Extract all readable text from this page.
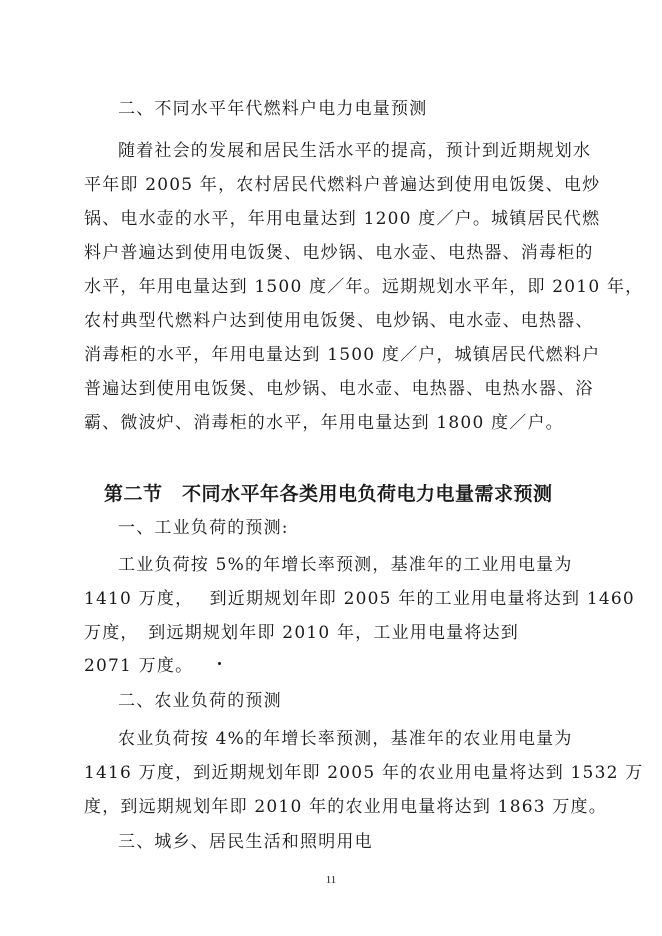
二、不同水平年代燃料户电力电量预测
随着社会的发展和居民生活水平的提高，预计到近期规划水
平年即 2005 年，农村居民代燃料户普遍达到使用电饭煲、电炒
锅、电水壶的水平，年用电量达到 1200 度／户。城镇居民代燃
料户普遍达到使用电饭煲、电炒锅、电水壶、电热器、消毒柜的
水平，年用电量达到 1500 度／年。远期规划水平年，即 2010 年，
农村典型代燃料户达到使用电饭煲、电炒锅、电水壶、电热器、
消毒柜的水平，年用电量达到 1500 度／户，城镇居民代燃料户
普遍达到使用电饭煲、电炒锅、电水壶、电热器、电热水器、浴
霸、微波炉、消毒柜的水平，年用电量达到 1800 度／户。
第二节　不同水平年各类用电负荷电力电量需求预测
一、工业负荷的预测:
工业负荷按 5%的年增长率预测，基准年的工业用电量为
1410 万度，　 到近期规划年即 2005 年的工业用电量将达到 1460
万度，　到远期规划年即 2010 年，工业用电量将达到
2071 万度。
二、农业负荷的预测
农业负荷按 4%的年增长率预测，基准年的农业用电量为
1416 万度，到近期规划年即 2005 年的农业用电量将达到 1532 万
度，到远期规划年即 2010 年的农业用电量将达到 1863 万度。
三、城乡、居民生活和照明用电
11
